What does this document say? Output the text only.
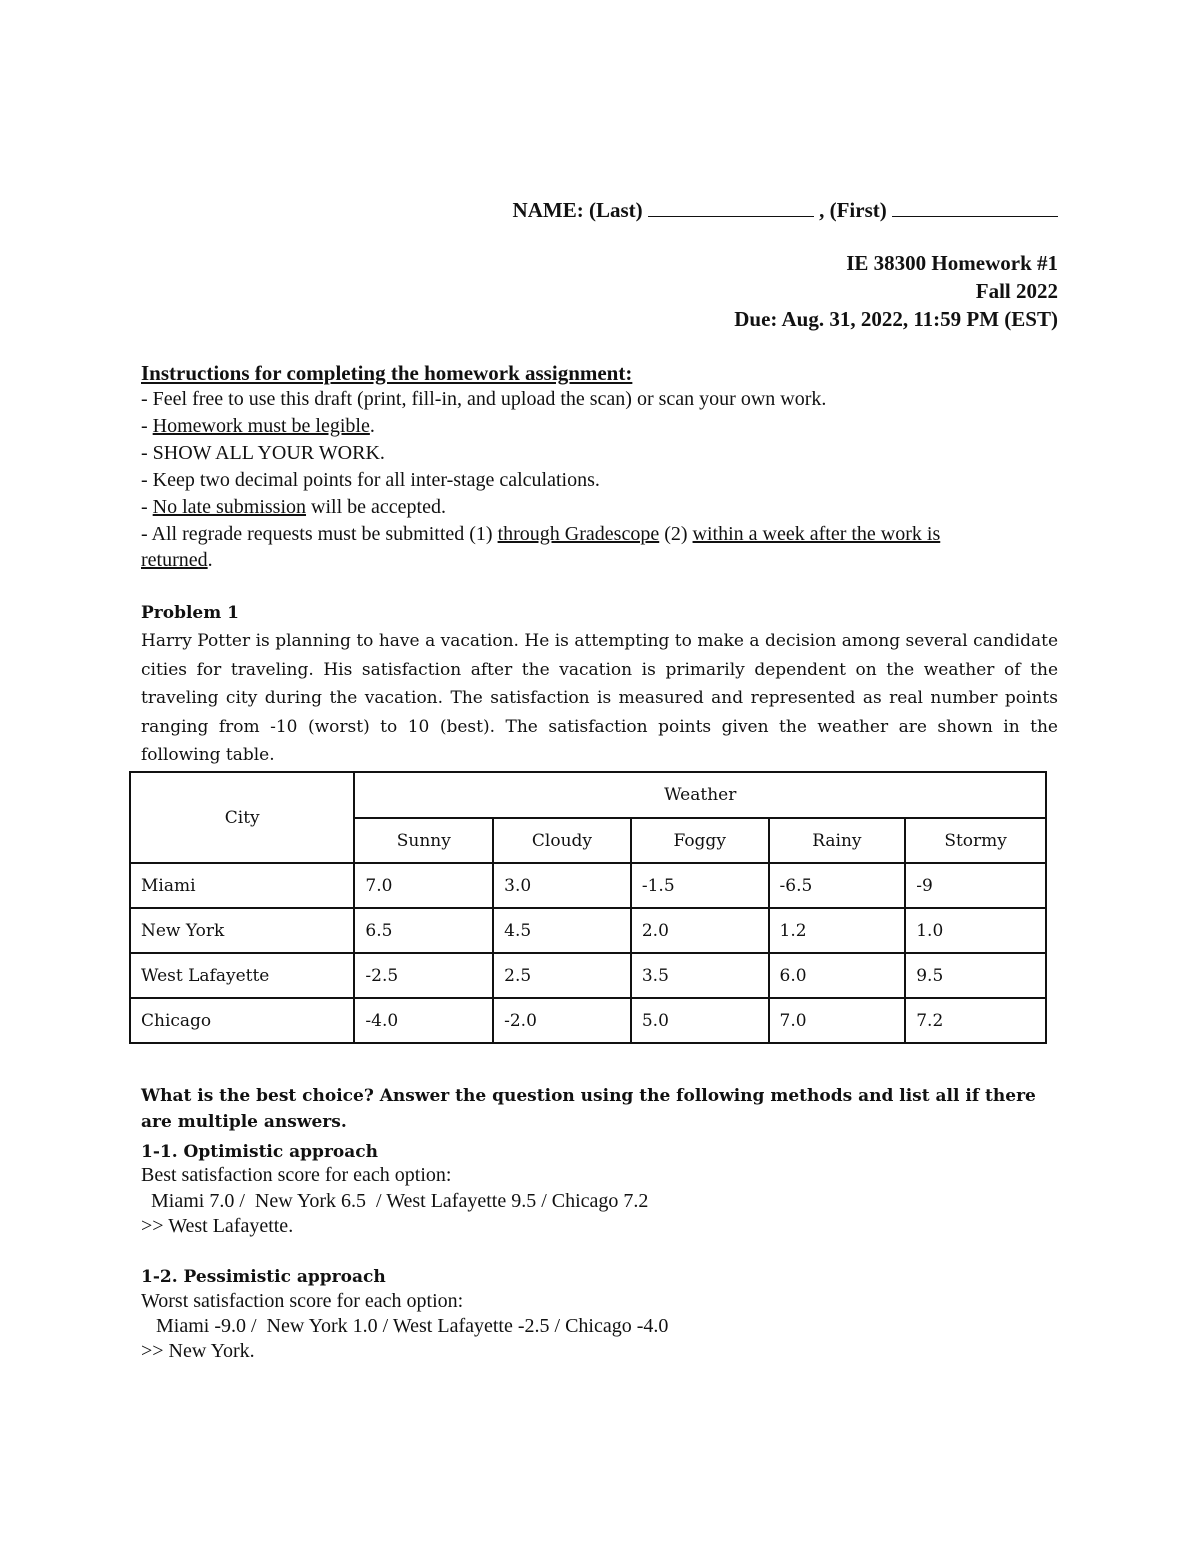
NAME: (Last)	, (First)
IE 38300 Homework #1
Fall 2022
Due: Aug. 31, 2022, 11:59 PM (EST)
Instructions for completing the homework assignment:
- Feel free to use this draft (print, fill-in, and upload the scan) or scan your own work.
- Homework must be legible.
- SHOW ALL YOUR WORK.
- Keep two decimal points for all inter-stage calculations.
- No late submission will be accepted.
- All regrade requests must be submitted (1) through Gradescope (2) within a week after the work is
returned.
Problem 1
Harry Potter is planning to have a vacation. He is attempting to make a decision among several candidate cities for traveling. His satisfaction after the vacation is primarily dependent on the weather of the traveling city during the vacation. The satisfaction is measured and represented as real number points ranging from -10 (worst) to 10 (best). The satisfaction points given the weather are shown in the following table.
City	Weather				
	Sunny	Cloudy	Foggy	Rainy	Stormy
Miami	7.0	3.0	-1.5	-6.5	-9
New York	6.5	4.5	2.0	1.2	1.0
West Lafayette	-2.5	2.5	3.5	6.0	9.5
Chicago	-4.0	-2.0	5.0	7.0	7.2
What is the best choice? Answer the question using the following methods and list all if there are multiple answers.
1-1. Optimistic approach
Best satisfaction score for each option:
Miami 7.0 /  New York 6.5  / West Lafayette 9.5 / Chicago 7.2
>> West Lafayette.
1-2. Pessimistic approach
Worst satisfaction score for each option:
Miami -9.0 /  New York 1.0 / West Lafayette -2.5 / Chicago -4.0
>> New York.
